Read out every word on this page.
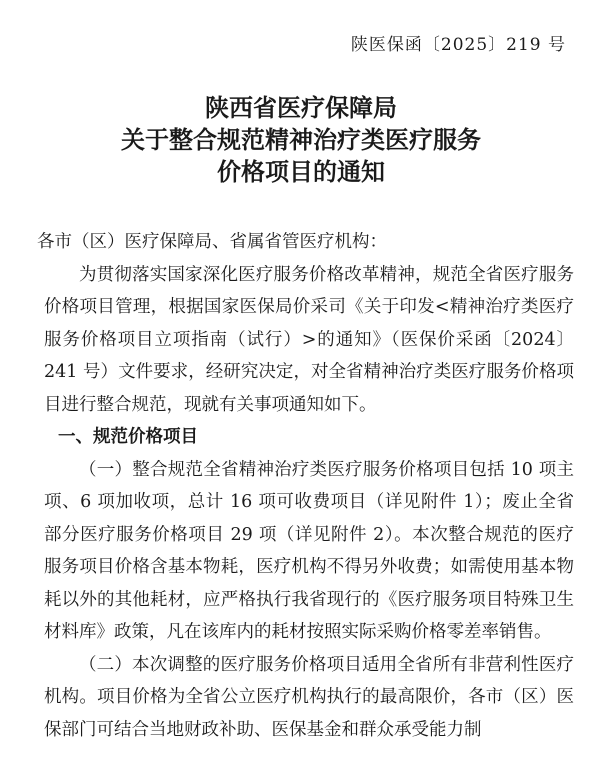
陕医保函〔2025〕219 号
陕西省医疗保障局
关于整合规范精神治疗类医疗服务
价格项目的通知
各市（区）医疗保障局、省属省管医疗机构：
为贯彻落实国家深化医疗服务价格改革精神，规范全省医疗服务价格项目管理，根据国家医保局价采司《关于印发<精神治疗类医疗服务价格项目立项指南（试行）>的通知》（医保价采函〔2024〕241 号）文件要求，经研究决定，对全省精神治疗类医疗服务价格项目进行整合规范，现就有关事项通知如下。
一、规范价格项目
（一）整合规范全省精神治疗类医疗服务价格项目包括 10 项主项、6 项加收项，总计 16 项可收费项目（详见附件 1）；废止全省部分医疗服务价格项目 29 项（详见附件 2）。本次整合规范的医疗服务项目价格含基本物耗，医疗机构不得另外收费；如需使用基本物耗以外的其他耗材，应严格执行我省现行的《医疗服务项目特殊卫生材料库》政策，凡在该库内的耗材按照实际采购价格零差率销售。
（二）本次调整的医疗服务价格项目适用全省所有非营利性医疗机构。项目价格为全省公立医疗机构执行的最高限价，各市（区）医保部门可结合当地财政补助、医保基金和群众承受能力制
